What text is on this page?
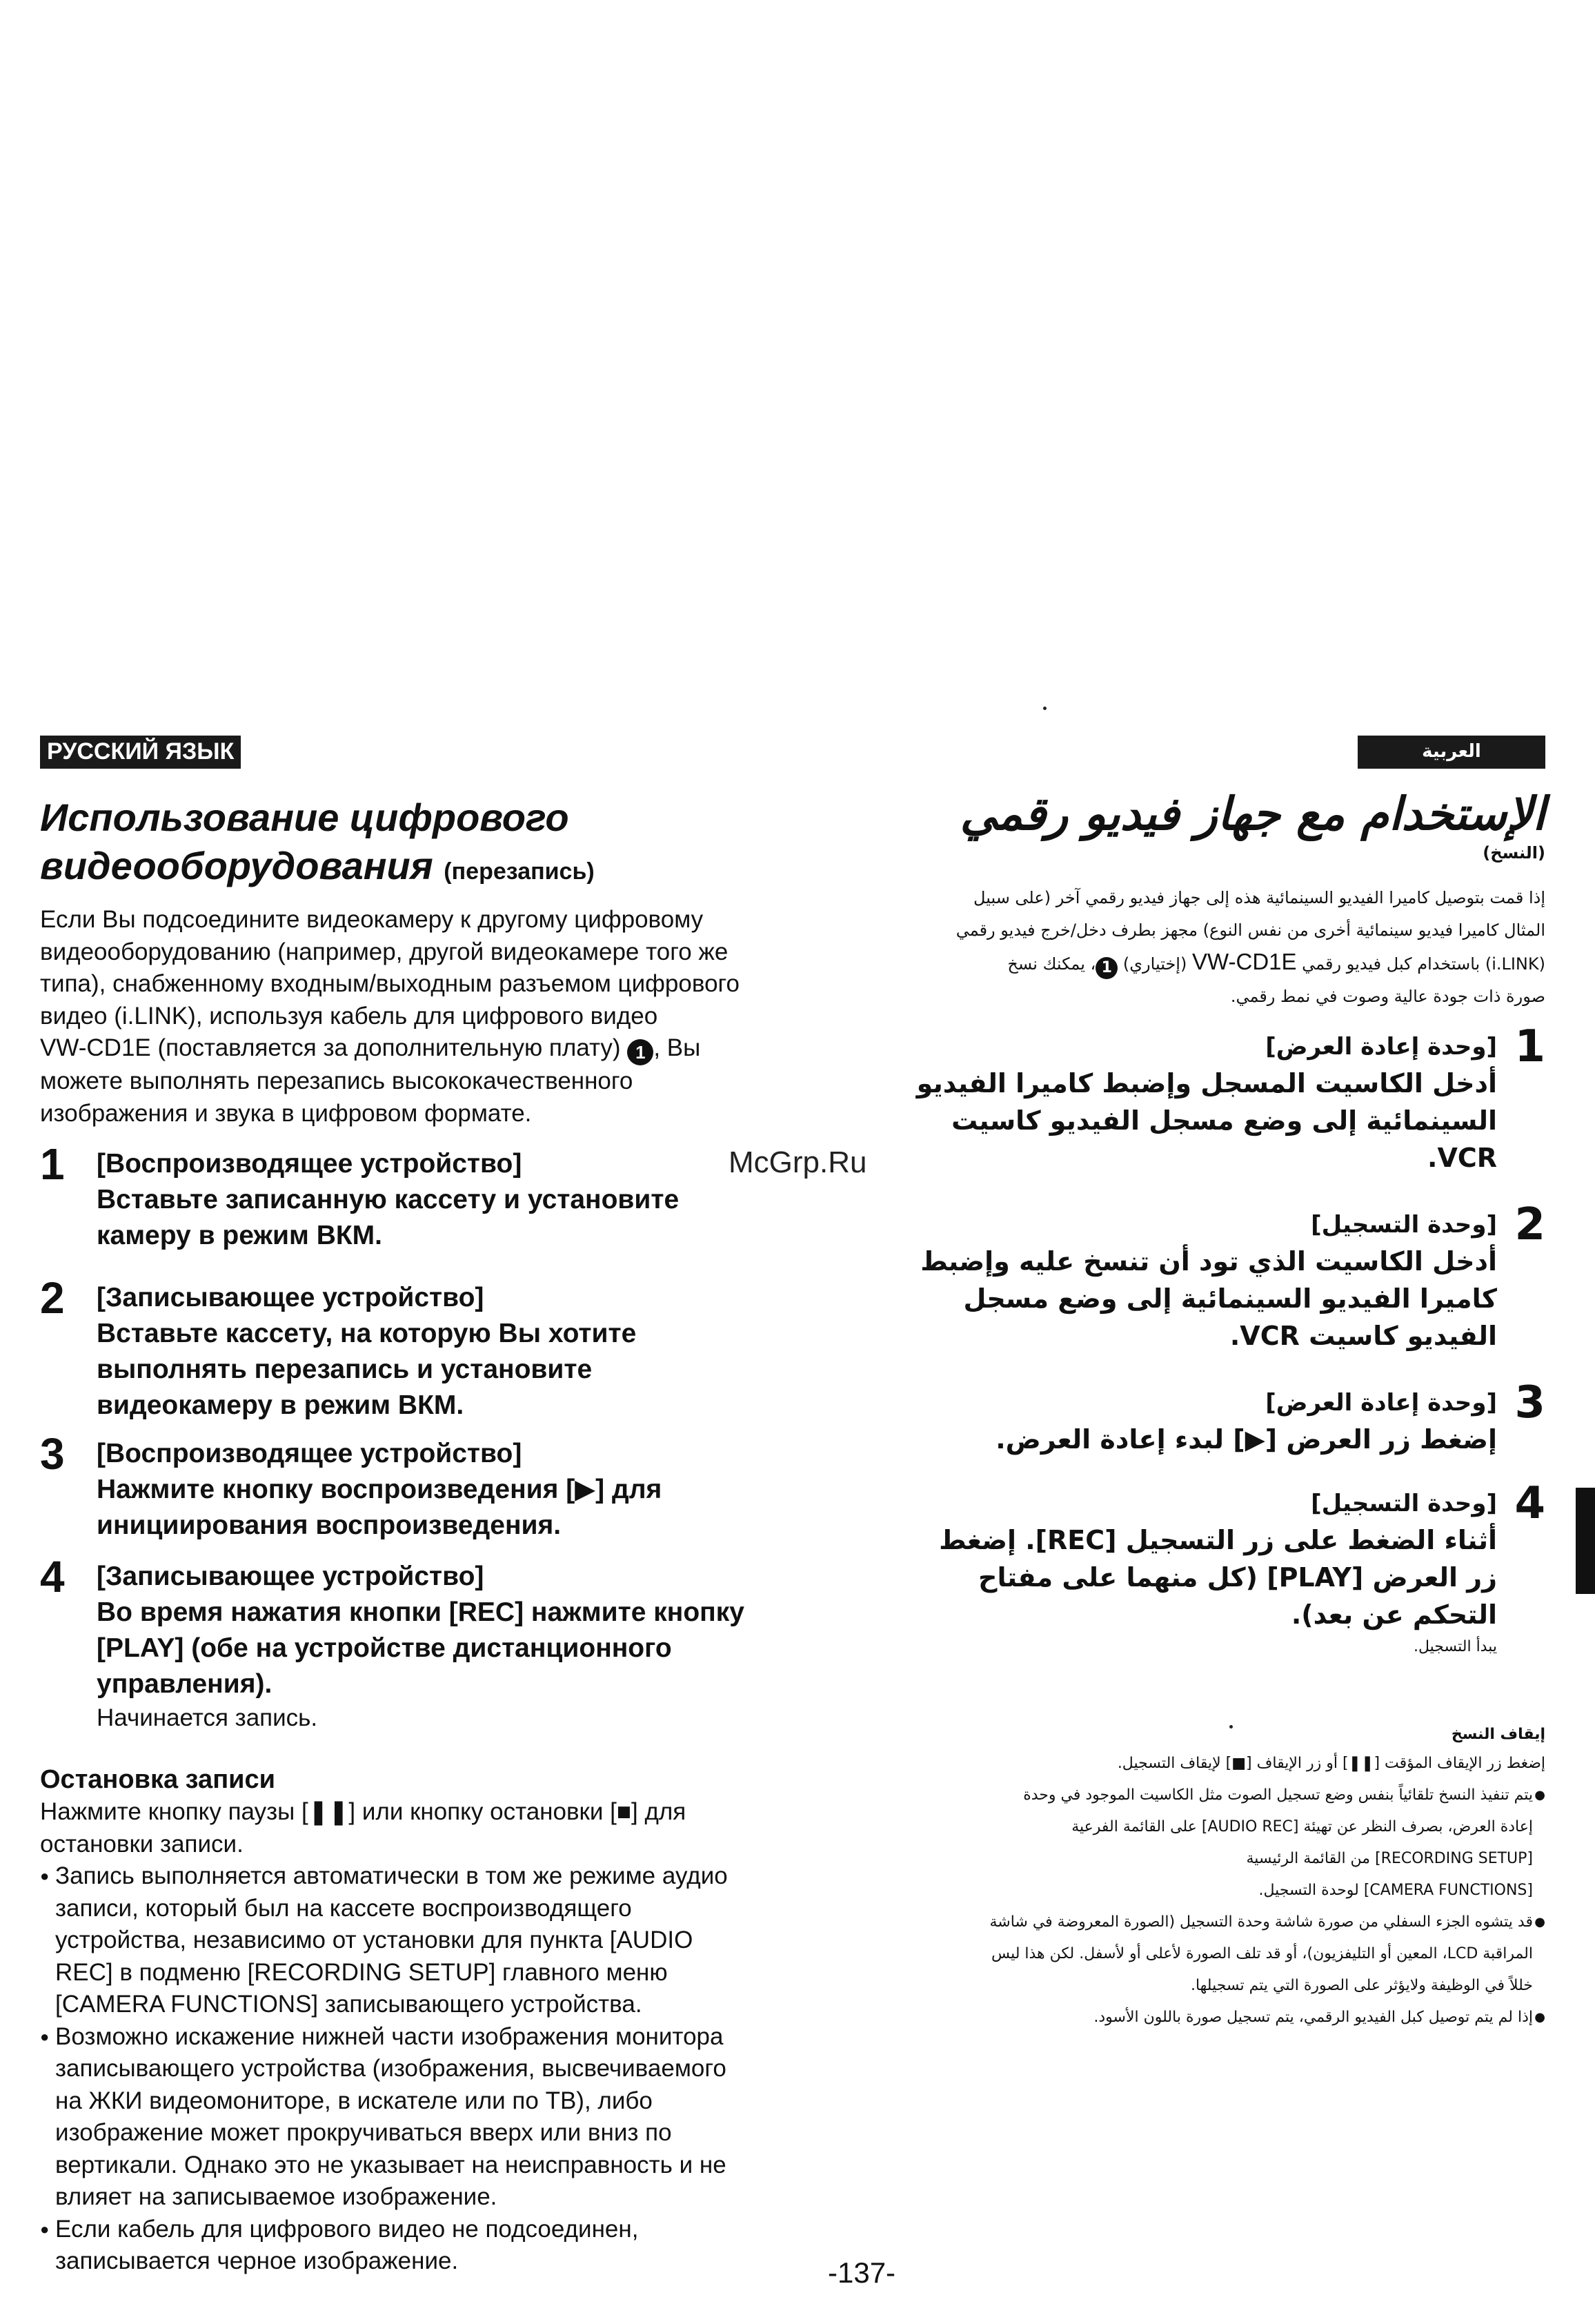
РУССКИЙ ЯЗЫК	العربية
Использование цифрового
видеооборудования (перезапись)
Если Вы подсоедините видеокамеру к другому цифровому
видеооборудованию (например, другой видеокамере того же
типа), снабженному входным/выходным разъемом цифрового
видео (i.LINK), используя кабель для цифрового видео
VW-CD1E (поставляется за дополнительную плату) 1 , Вы
можете выполнять перезапись высококачественного
изображения и звука в цифровом формате.
1 [Воспроизводящее устройство]
Вставьте записанную кассету и установите
камеру в режим ВКМ.
2 [Записывающее устройство]
Вставьте кассету, на которую Вы хотите
выполнять перезапись и установите
видеокамеру в режим ВКМ.
3 [Воспроизводящее устройство]
Нажмите кнопку воспроизведения [▶] для
инициирования воспроизведения.
4 [Записывающее устройство]
Во время нажатия кнопки [REC] нажмите кнопку
[PLAY] (обе на устройстве дистанционного
управления).
Начинается запись.
Остановка записи
Нажмите кнопку паузы [❚❚] или кнопку остановки [■] для
остановки записи.
● Запись выполняется автоматически в том же режиме аудио
записи, который был на кассете воспроизводящего
устройства, независимо от установки для пункта [AUDIO
REC] в подменю [RECORDING SETUP] главного меню
[CAMERA FUNCTIONS] записывающего устройства.
● Возможно искажение нижней части изображения монитора
записывающего устройства (изображения, высвечиваемого
на ЖКИ видеомониторе, в искателе или по ТВ), либо
изображение может прокручиваться вверх или вниз по
вертикали. Однако это не указывает на неисправность и не
влияет на записываемое изображение.
● Если кабель для цифрового видео не подсоединен,
записывается черное изображение.
McGrp.Ru
الإستخدام مع جهاز فيديو رقمي
(النسخ)
إذا قمت بتوصيل كاميرا الفيديو السينمائية هذه إلى جهاز فيديو رقمي آخر (على سبيل
المثال كاميرا فيديو سينمائية أخرى من نفس النوع) مجهز بطرف دخل/خرج فيديو رقمي
(i.LINK) باستخدام كبل فيديو رقمي VW-CD1E (إختياري) 1، يمكنك نسخ
صورة ذات جودة عالية وصوت في نمط رقمي.
1
[وحدة إعادة العرض]
أدخل الكاسيت المسجل وإضبط كاميرا الفيديو
السينمائية إلى وضع مسجل الفيديو كاسيت
VCR.
2
[وحدة التسجيل]
أدخل الكاسيت الذي تود أن تنسخ عليه وإضبط
كاميرا الفيديو السينمائية إلى وضع مسجل
الفيديو كاسيت VCR.
3
[وحدة إعادة العرض]
إضغط زر العرض [▶] لبدء إعادة العرض.
4
[وحدة التسجيل]
أثناء الضغط على زر التسجيل [REC]. إضغط
زر العرض [PLAY] (كل منهما على مفتاح
التحكم عن بعد).
يبدأ التسجيل.
إيقاف النسخ
إضغط زر الإيقاف المؤقت [❚❚] أو زر الإيقاف [■] لإيقاف التسجيل.
● يتم تنفيذ النسخ تلقائياً بنفس وضع تسجيل الصوت مثل الكاسيت الموجود في وحدة
إعادة العرض، بصرف النظر عن تهيئة [AUDIO REC] على القائمة الفرعية
[RECORDING SETUP] من القائمة الرئيسية
[CAMERA FUNCTIONS] لوحدة التسجيل.
● قد يتشوه الجزء السفلي من صورة شاشة وحدة التسجيل (الصورة المعروضة في شاشة
المراقبة LCD، المعين أو التليفزيون)، أو قد تلف الصورة لأعلى أو لأسفل. لكن هذا ليس
خللاً في الوظيفة ولايؤثر على الصورة التي يتم تسجيلها.
● إذا لم يتم توصيل كبل الفيديو الرقمي، يتم تسجيل صورة باللون الأسود.
-137-
